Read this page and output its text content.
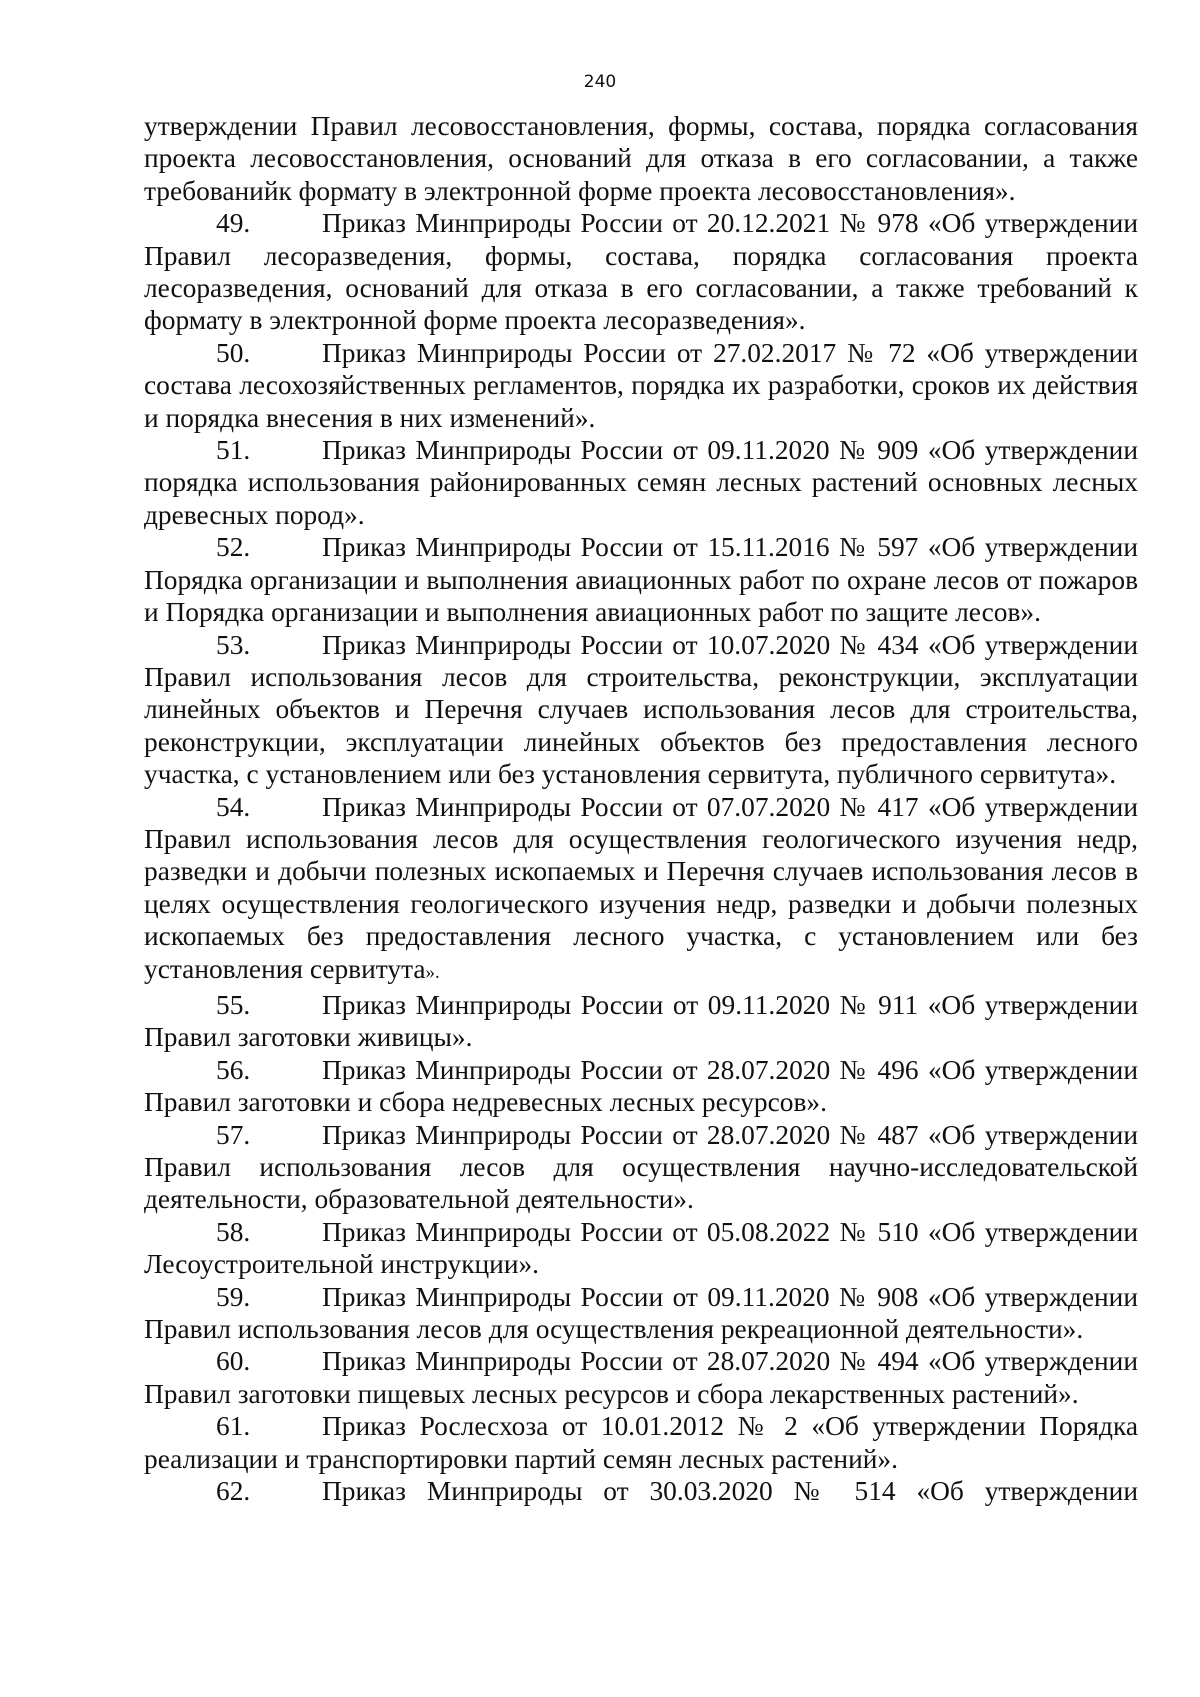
240

утверждении Правил лесовосстановления, формы, состава, порядка согласования проекта лесовосстановления, оснований для отказа в его согласовании, а также требованийк формату в электронной форме проекта лесовосстановления».

49.	Приказ Минприроды России от 20.12.2021 № 978 «Об утверждении Правил лесоразведения, формы, состава, порядка согласования проекта лесоразведения, оснований для отказа в его согласовании, а также требований к формату в электронной форме проекта лесоразведения».

50.	Приказ Минприроды России от 27.02.2017 № 72 «Об утверждении состава лесохозяйственных регламентов, порядка их разработки, сроков их действия и порядка внесения в них изменений».

51.	Приказ Минприроды России от 09.11.2020 № 909 «Об утверждении порядка использования районированных семян лесных растений основных лесных древесных пород».

52.	Приказ Минприроды России от 15.11.2016 № 597 «Об утверждении Порядка организации и выполнения авиационных работ по охране лесов от пожаров и Порядка организации и выполнения авиационных работ по защите лесов».

53.	Приказ Минприроды России от 10.07.2020 № 434 «Об утверждении Правил использования лесов для строительства, реконструкции, эксплуатации линейных объектов и Перечня случаев использования лесов для строительства, реконструкции, эксплуатации линейных объектов без предоставления лесного участка, с установлением или без установления сервитута, публичного сервитута».

54.	Приказ Минприроды России от 07.07.2020 № 417 «Об утверждении Правил использования лесов для осуществления геологического изучения недр, разведки и добычи полезных ископаемых и Перечня случаев использования лесов в целях осуществления геологического изучения недр, разведки и добычи полезных ископаемых без предоставления лесного участка, с установлением или без установления сервитута».

55.	Приказ Минприроды России от 09.11.2020 № 911 «Об утверждении Правил заготовки живицы».

56.	Приказ Минприроды России от 28.07.2020 № 496 «Об утверждении Правил заготовки и сбора недревесных лесных ресурсов».

57.	Приказ Минприроды России от 28.07.2020 № 487 «Об утверждении Правил использования лесов для осуществления научно-исследовательской деятельности, образовательной деятельности».

58.	Приказ Минприроды России от 05.08.2022 № 510 «Об утверждении Лесоустроительной инструкции».

59.	Приказ Минприроды России от 09.11.2020 № 908 «Об утверждении Правил использования лесов для осуществления рекреационной деятельности».

60.	Приказ Минприроды России от 28.07.2020 № 494 «Об утверждении Правил заготовки пищевых лесных ресурсов и сбора лекарственных растений».

61.	Приказ Рослесхоза от 10.01.2012 № 2 «Об утверждении Порядка реализации и транспортировки партий семян лесных растений».

62.	Приказ Минприроды от 30.03.2020 № 514 «Об утверждении
